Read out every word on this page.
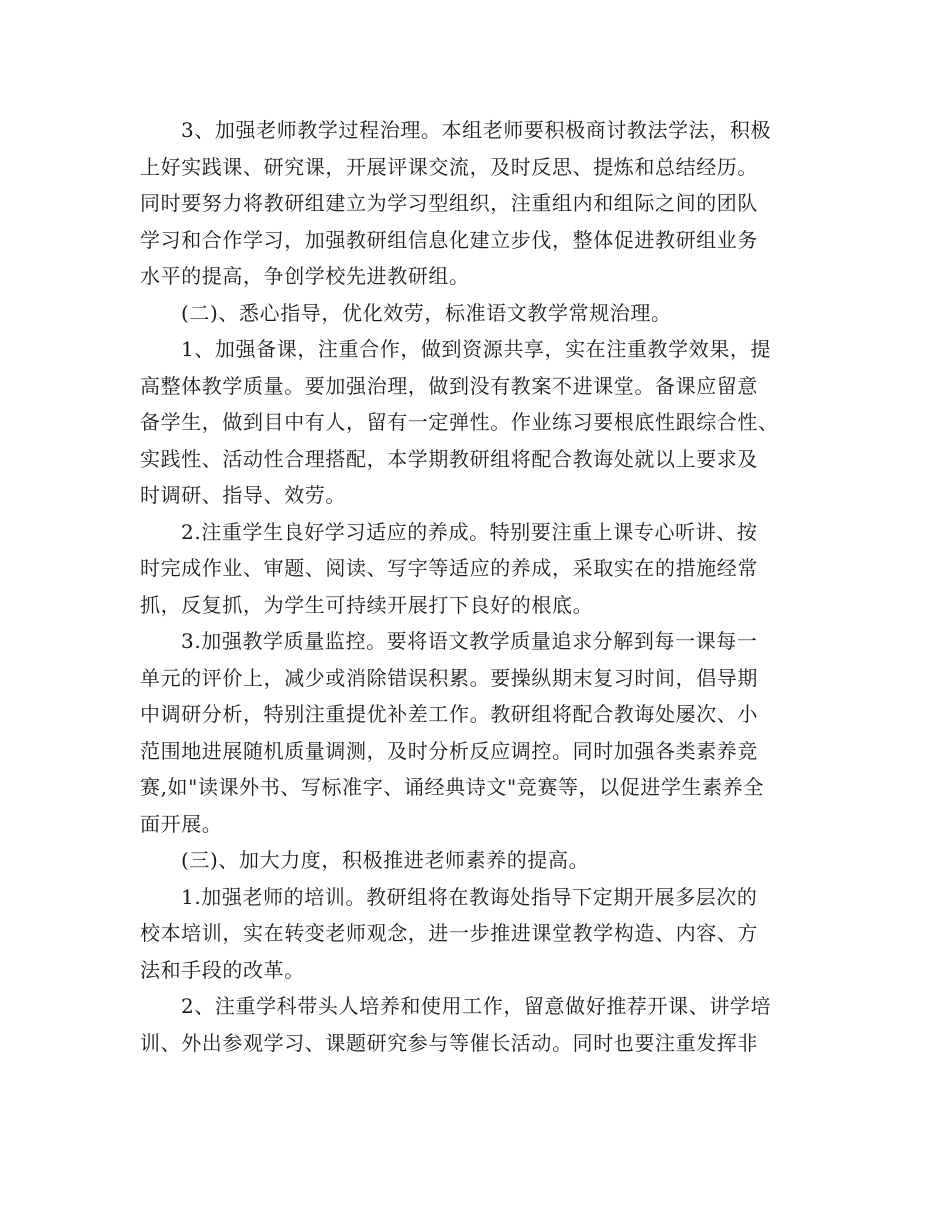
3、加强老师教学过程治理。本组老师要积极商讨教法学法，积极
上好实践课、研究课，开展评课交流，及时反思、提炼和总结经历。
同时要努力将教研组建立为学习型组织，注重组内和组际之间的团队
学习和合作学习，加强教研组信息化建立步伐，整体促进教研组业务
水平的提高，争创学校先进教研组。
(二)、悉心指导，优化效劳，标准语文教学常规治理。
1、加强备课，注重合作，做到资源共享，实在注重教学效果，提
高整体教学质量。要加强治理，做到没有教案不进课堂。备课应留意
备学生，做到目中有人，留有一定弹性。作业练习要根底性跟综合性、
实践性、活动性合理搭配，本学期教研组将配合教诲处就以上要求及
时调研、指导、效劳。
2.注重学生良好学习适应的养成。特别要注重上课专心听讲、按
时完成作业、审题、阅读、写字等适应的养成，采取实在的措施经常
抓，反复抓，为学生可持续开展打下良好的根底。
3.加强教学质量监控。要将语文教学质量追求分解到每一课每一
单元的评价上，减少或消除错误积累。要操纵期末复习时间，倡导期
中调研分析，特别注重提优补差工作。教研组将配合教诲处屡次、小
范围地进展随机质量调测，及时分析反应调控。同时加强各类素养竞
赛,如"读课外书、写标准字、诵经典诗文"竞赛等，以促进学生素养全
面开展。
(三)、加大力度，积极推进老师素养的提高。
1.加强老师的培训。教研组将在教诲处指导下定期开展多层次的
校本培训，实在转变老师观念，进一步推进课堂教学构造、内容、方
法和手段的改革。
2、注重学科带头人培养和使用工作，留意做好推荐开课、讲学培
训、外出参观学习、课题研究参与等催长活动。同时也要注重发挥非
